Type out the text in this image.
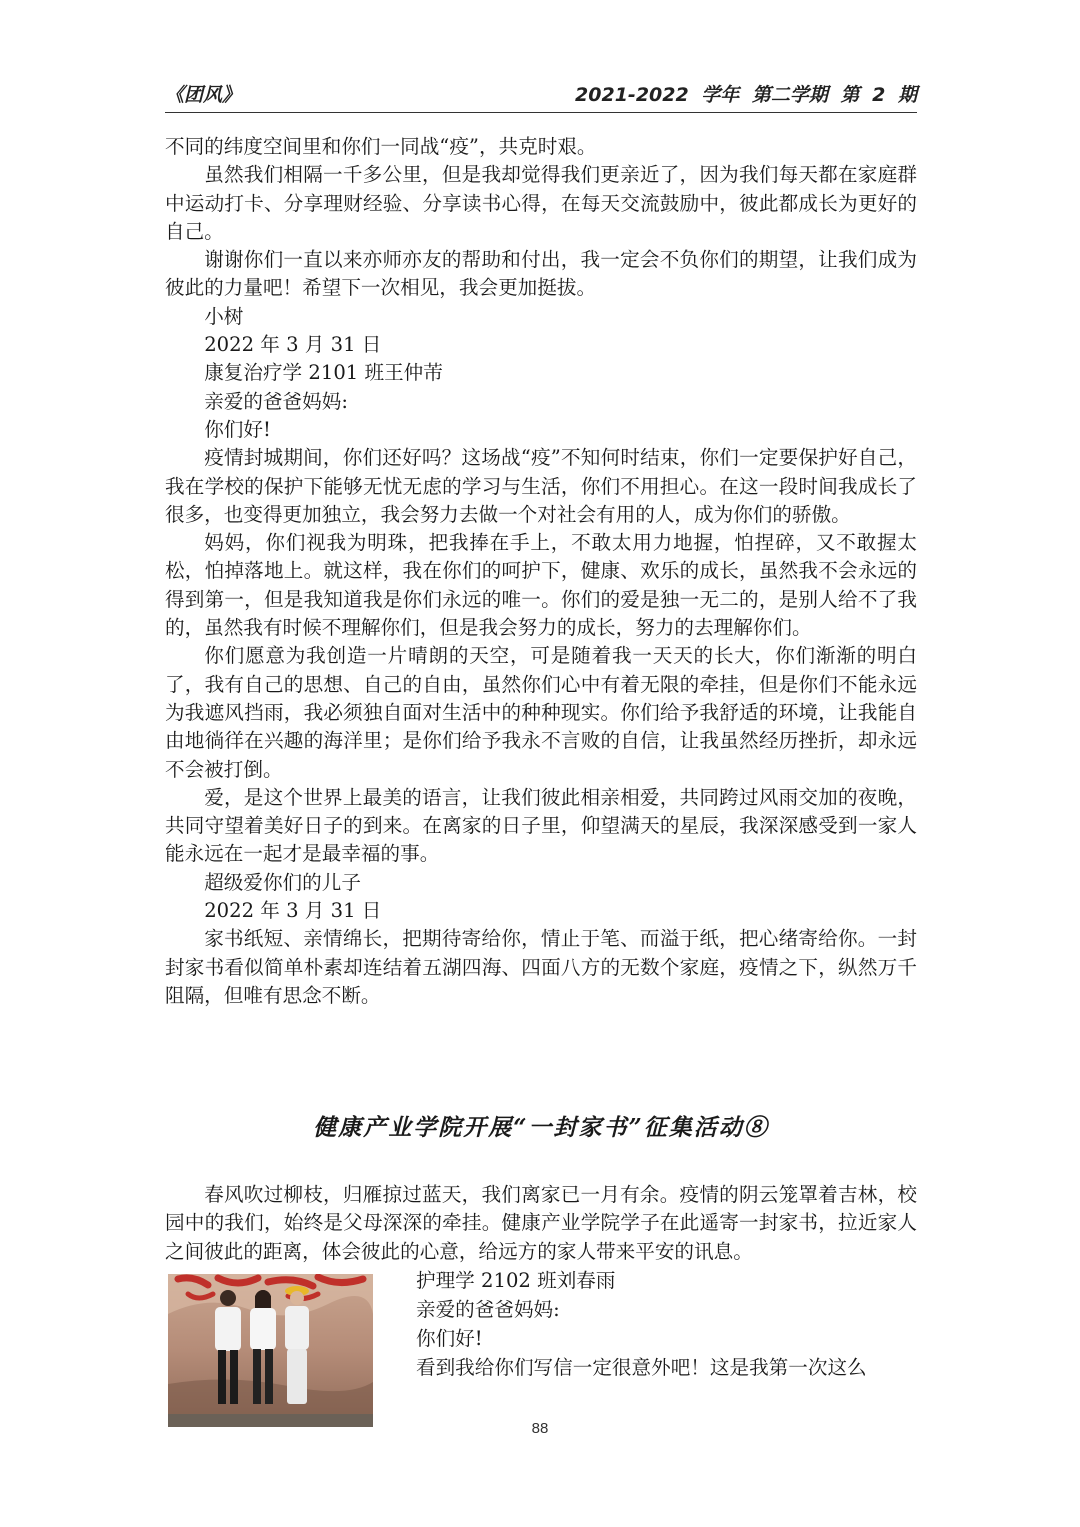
《团风》	2021-2022 学年 第二学期 第 2 期

不同的纬度空间里和你们一同战“疫”，共克时艰。

虽然我们相隔一千多公里，但是我却觉得我们更亲近了，因为我们每天都在家庭群中运动打卡、分享理财经验、分享读书心得，在每天交流鼓励中，彼此都成长为更好的自己。

谢谢你们一直以来亦师亦友的帮助和付出，我一定会不负你们的期望，让我们成为彼此的力量吧！希望下一次相见，我会更加挺拔。

小树

2022 年 3 月 31 日

康复治疗学 2101 班王仲芾

亲爱的爸爸妈妈:

你们好!

疫情封城期间，你们还好吗？这场战“疫”不知何时结束，你们一定要保护好自己，我在学校的保护下能够无忧无虑的学习与生活，你们不用担心。在这一段时间我成长了很多，也变得更加独立，我会努力去做一个对社会有用的人，成为你们的骄傲。

妈妈，你们视我为明珠，把我捧在手上，不敢太用力地握，怕捏碎，又不敢握太松，怕掉落地上。就这样，我在你们的呵护下，健康、欢乐的成长，虽然我不会永远的得到第一，但是我知道我是你们永远的唯一。你们的爱是独一无二的，是别人给不了我的，虽然我有时候不理解你们，但是我会努力的成长，努力的去理解你们。

你们愿意为我创造一片晴朗的天空，可是随着我一天天的长大，你们渐渐的明白了，我有自己的思想、自己的自由，虽然你们心中有着无限的牵挂，但是你们不能永远为我遮风挡雨，我必须独自面对生活中的种种现实。你们给予我舒适的环境，让我能自由地徜徉在兴趣的海洋里；是你们给予我永不言败的自信，让我虽然经历挫折，却永远不会被打倒。

爱，是这个世界上最美的语言，让我们彼此相亲相爱，共同跨过风雨交加的夜晚，共同守望着美好日子的到来。在离家的日子里，仰望满天的星辰，我深深感受到一家人能永远在一起才是最幸福的事。

超级爱你们的儿子

2022 年 3 月 31 日

家书纸短、亲情绵长，把期待寄给你，情止于笔、而溢于纸，把心绪寄给你。一封封家书看似简单朴素却连结着五湖四海、四面八方的无数个家庭，疫情之下，纵然万千阻隔，但唯有思念不断。

健康产业学院开展“一封家书”征集活动⑧

春风吹过柳枝，归雁掠过蓝天，我们离家已一月有余。疫情的阴云笼罩着吉林，校园中的我们，始终是父母深深的牵挂。健康产业学院学子在此遥寄一封家书，拉近家人之间彼此的距离，体会彼此的心意，给远方的家人带来平安的讯息。

护理学 2102 班刘春雨

亲爱的爸爸妈妈:

你们好!

看到我给你们写信一定很意外吧！这是我第一次这么

88
